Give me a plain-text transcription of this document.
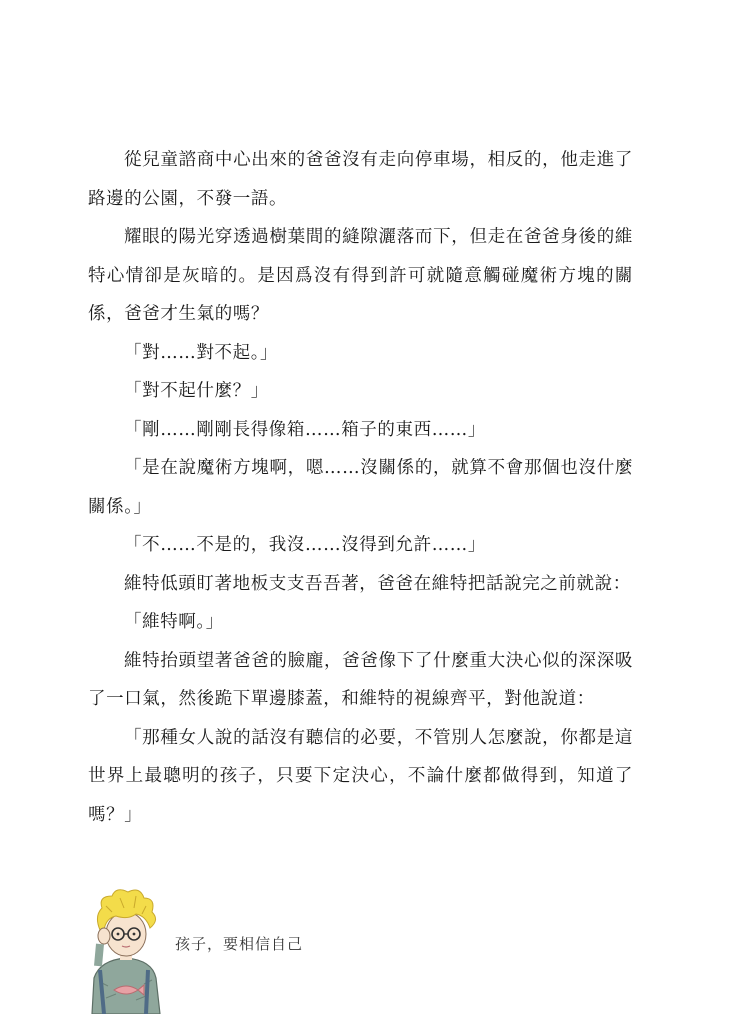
從兒童諮商中心出來的爸爸沒有走向停車場，相反的，他走進了路邊的公園，不發一語。

耀眼的陽光穿透過樹葉間的縫隙灑落而下，但走在爸爸身後的維特心情卻是灰暗的。是因爲沒有得到許可就隨意觸碰魔術方塊的關係，爸爸才生氣的嗎？

「對……對不起。」

「對不起什麼？」

「剛……剛剛長得像箱……箱子的東西……」

「是在說魔術方塊啊，嗯……沒關係的，就算不會那個也沒什麼關係。」

「不……不是的，我沒……沒得到允許……」

維特低頭盯著地板支支吾吾著，爸爸在維特把話說完之前就說：

「維特啊。」

維特抬頭望著爸爸的臉龐，爸爸像下了什麼重大決心似的深深吸了一口氣，然後跪下單邊膝蓋，和維特的視線齊平，對他說道：

「那種女人說的話沒有聽信的必要，不管別人怎麼說，你都是這世界上最聰明的孩子，只要下定決心，不論什麼都做得到，知道了嗎？」

孩子，要相信自己
